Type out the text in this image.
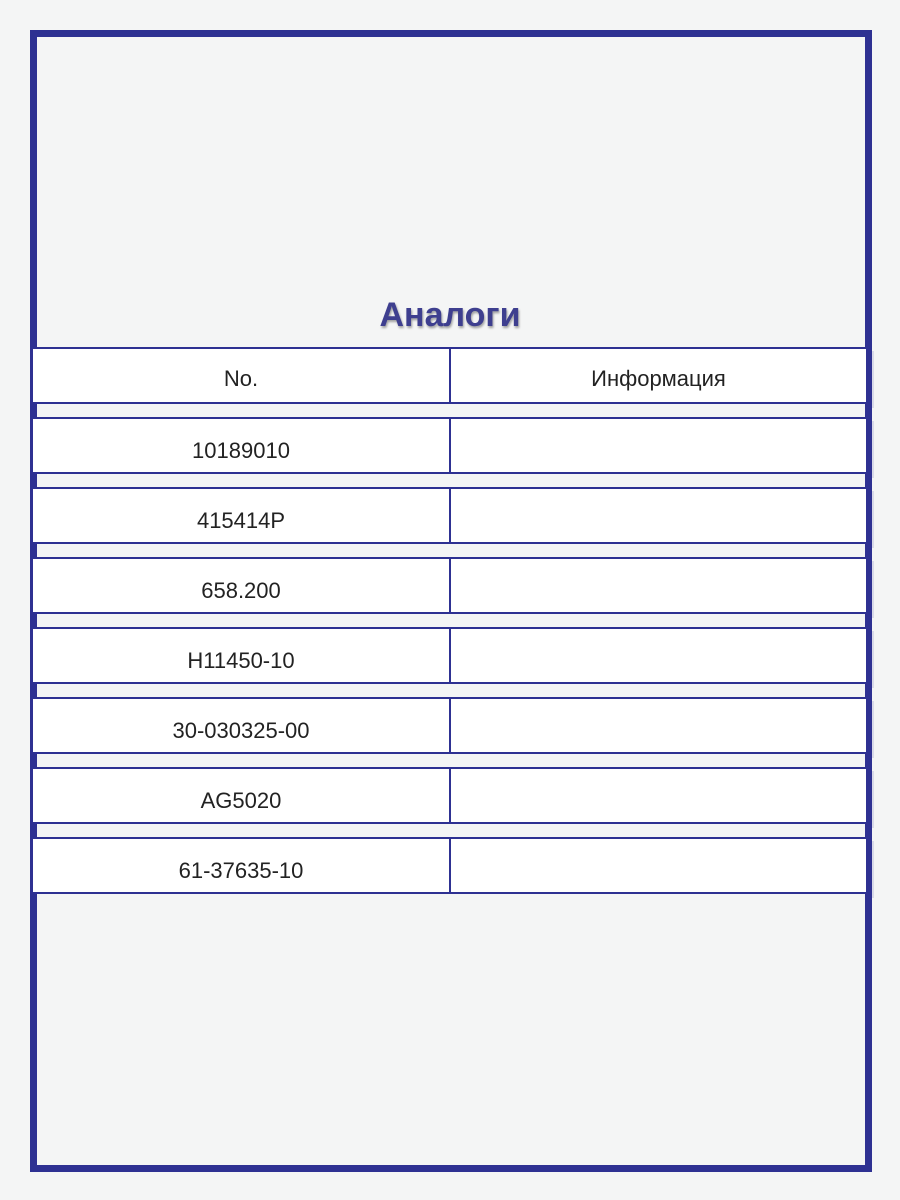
Аналоги
No.	Информация
10189010
415414P
658.200
H11450-10
30-030325-00
AG5020
61-37635-10
